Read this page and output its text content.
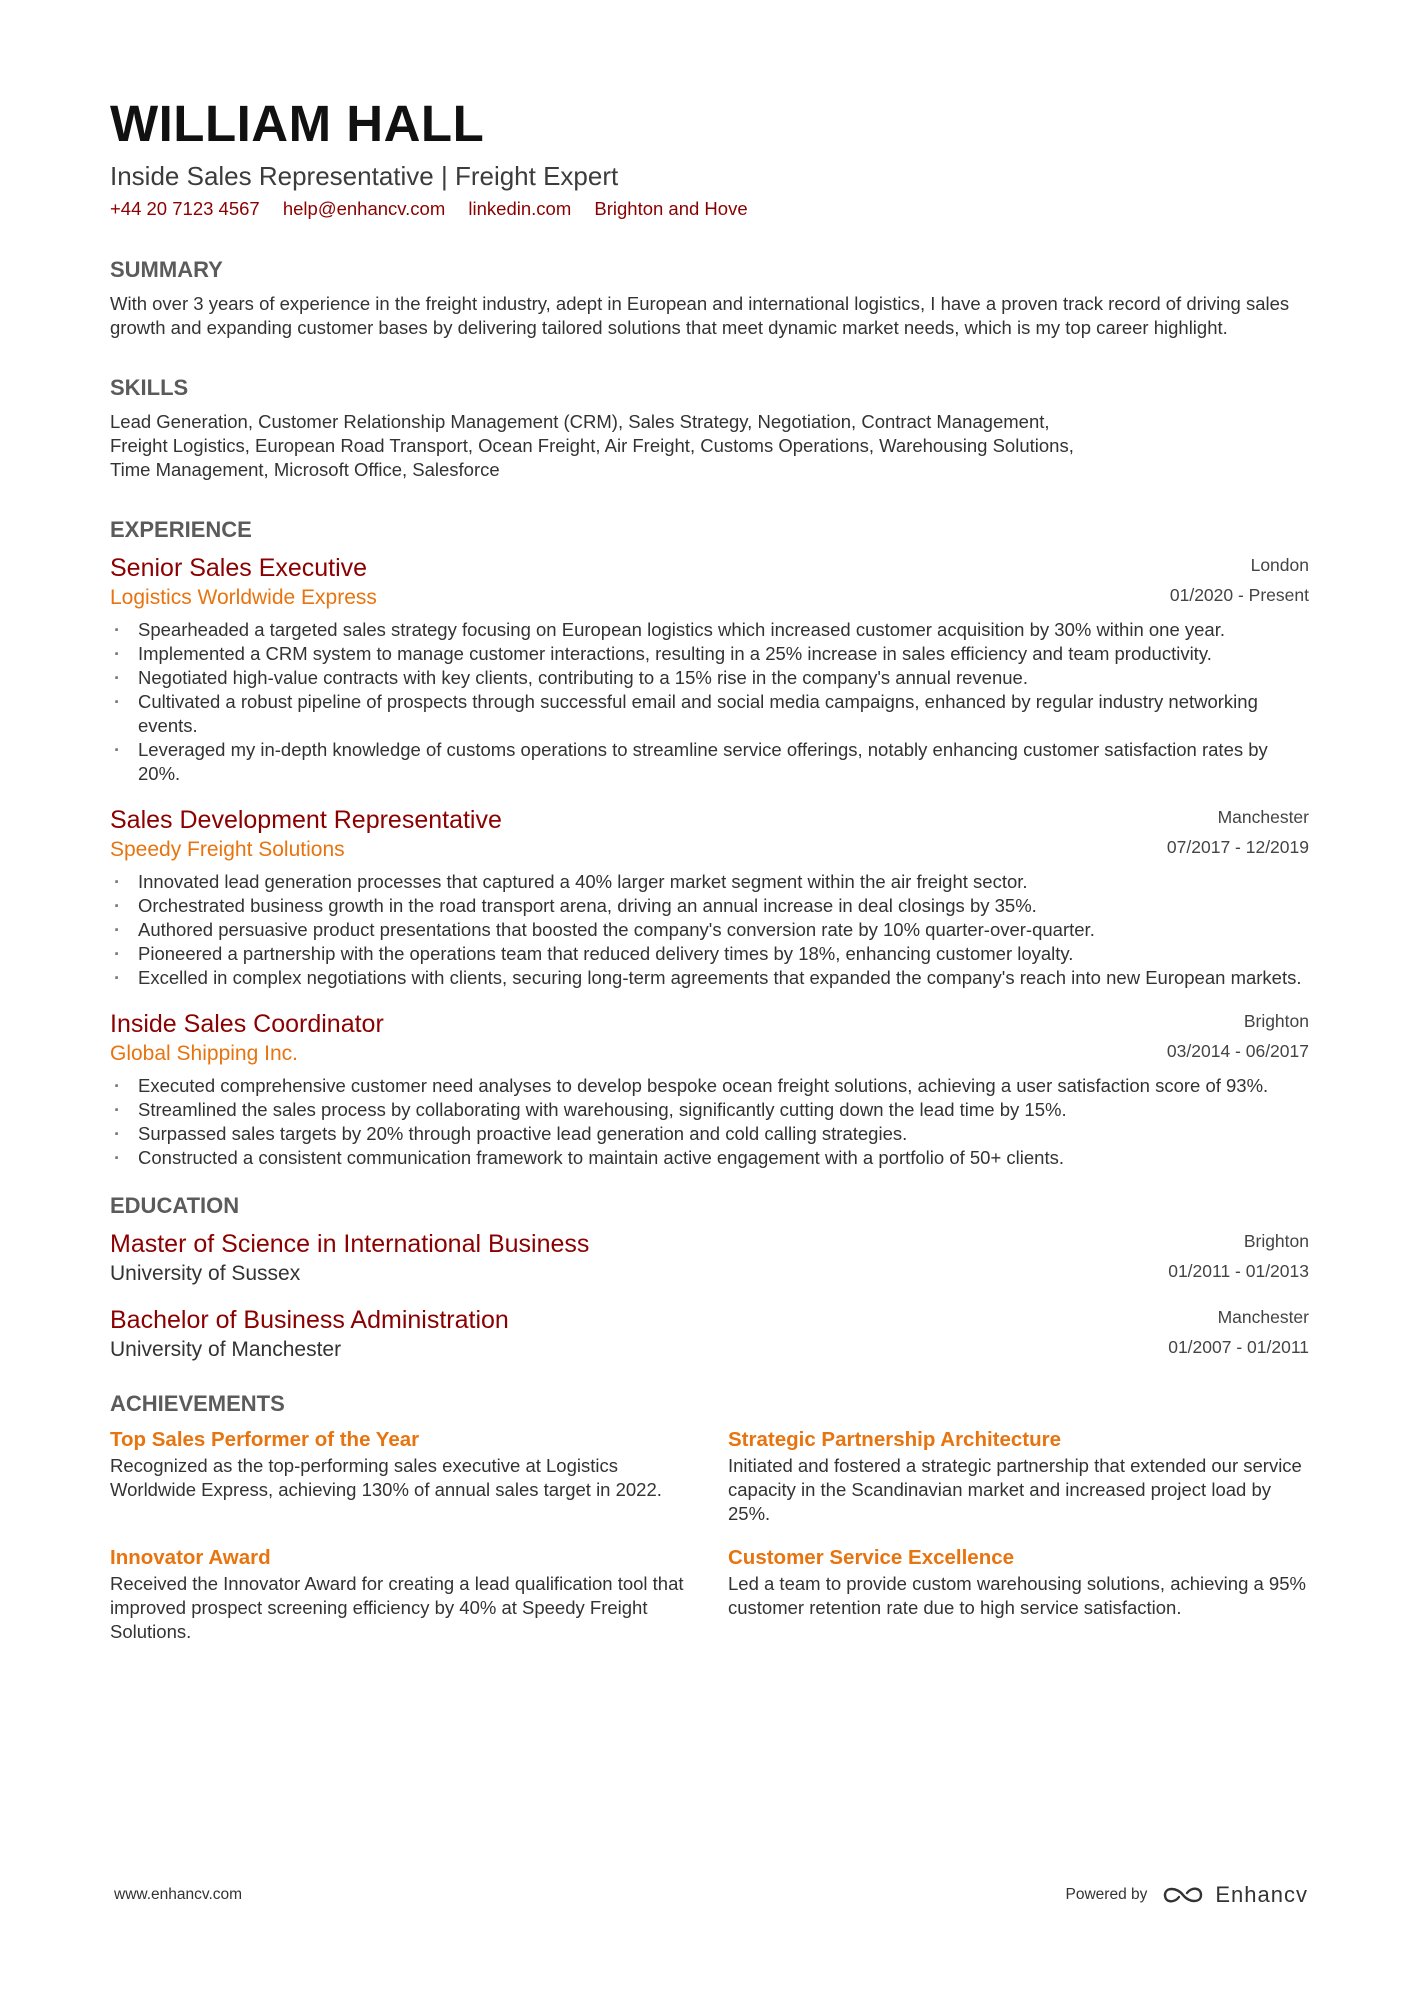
WILLIAM HALL
Inside Sales Representative | Freight Expert
+44 20 7123 4567 help@enhancv.com linkedin.com Brighton and Hove
SUMMARY
With over 3 years of experience in the freight industry, adept in European and international logistics, I have a proven track record of driving sales growth and expanding customer bases by delivering tailored solutions that meet dynamic market needs, which is my top career highlight.
SKILLS
Lead Generation, Customer Relationship Management (CRM), Sales Strategy, Negotiation, Contract Management,
Freight Logistics, European Road Transport, Ocean Freight, Air Freight, Customs Operations, Warehousing Solutions,
Time Management, Microsoft Office, Salesforce
EXPERIENCE
Senior Sales Executive
Logistics Worldwide Express
London
01/2020 - Present
· Spearheaded a targeted sales strategy focusing on European logistics which increased customer acquisition by 30% within one year.
· Implemented a CRM system to manage customer interactions, resulting in a 25% increase in sales efficiency and team productivity.
· Negotiated high-value contracts with key clients, contributing to a 15% rise in the company's annual revenue.
· Cultivated a robust pipeline of prospects through successful email and social media campaigns, enhanced by regular industry networking events.
· Leveraged my in-depth knowledge of customs operations to streamline service offerings, notably enhancing customer satisfaction rates by 20%.
Sales Development Representative
Speedy Freight Solutions
Manchester
07/2017 - 12/2019
· Innovated lead generation processes that captured a 40% larger market segment within the air freight sector.
· Orchestrated business growth in the road transport arena, driving an annual increase in deal closings by 35%.
· Authored persuasive product presentations that boosted the company's conversion rate by 10% quarter-over-quarter.
· Pioneered a partnership with the operations team that reduced delivery times by 18%, enhancing customer loyalty.
· Excelled in complex negotiations with clients, securing long-term agreements that expanded the company's reach into new European markets.
Inside Sales Coordinator
Global Shipping Inc.
Brighton
03/2014 - 06/2017
· Executed comprehensive customer need analyses to develop bespoke ocean freight solutions, achieving a user satisfaction score of 93%.
· Streamlined the sales process by collaborating with warehousing, significantly cutting down the lead time by 15%.
· Surpassed sales targets by 20% through proactive lead generation and cold calling strategies.
· Constructed a consistent communication framework to maintain active engagement with a portfolio of 50+ clients.
EDUCATION
Master of Science in International Business
University of Sussex
Brighton
01/2011 - 01/2013
Bachelor of Business Administration
University of Manchester
Manchester
01/2007 - 01/2011
ACHIEVEMENTS
Top Sales Performer of the Year
Recognized as the top-performing sales executive at Logistics Worldwide Express, achieving 130% of annual sales target in 2022.
Strategic Partnership Architecture
Initiated and fostered a strategic partnership that extended our service capacity in the Scandinavian market and increased project load by 25%.
Innovator Award
Received the Innovator Award for creating a lead qualification tool that improved prospect screening efficiency by 40% at Speedy Freight Solutions.
Customer Service Excellence
Led a team to provide custom warehousing solutions, achieving a 95% customer retention rate due to high service satisfaction.
www.enhancv.com	Powered by	Enhancv
